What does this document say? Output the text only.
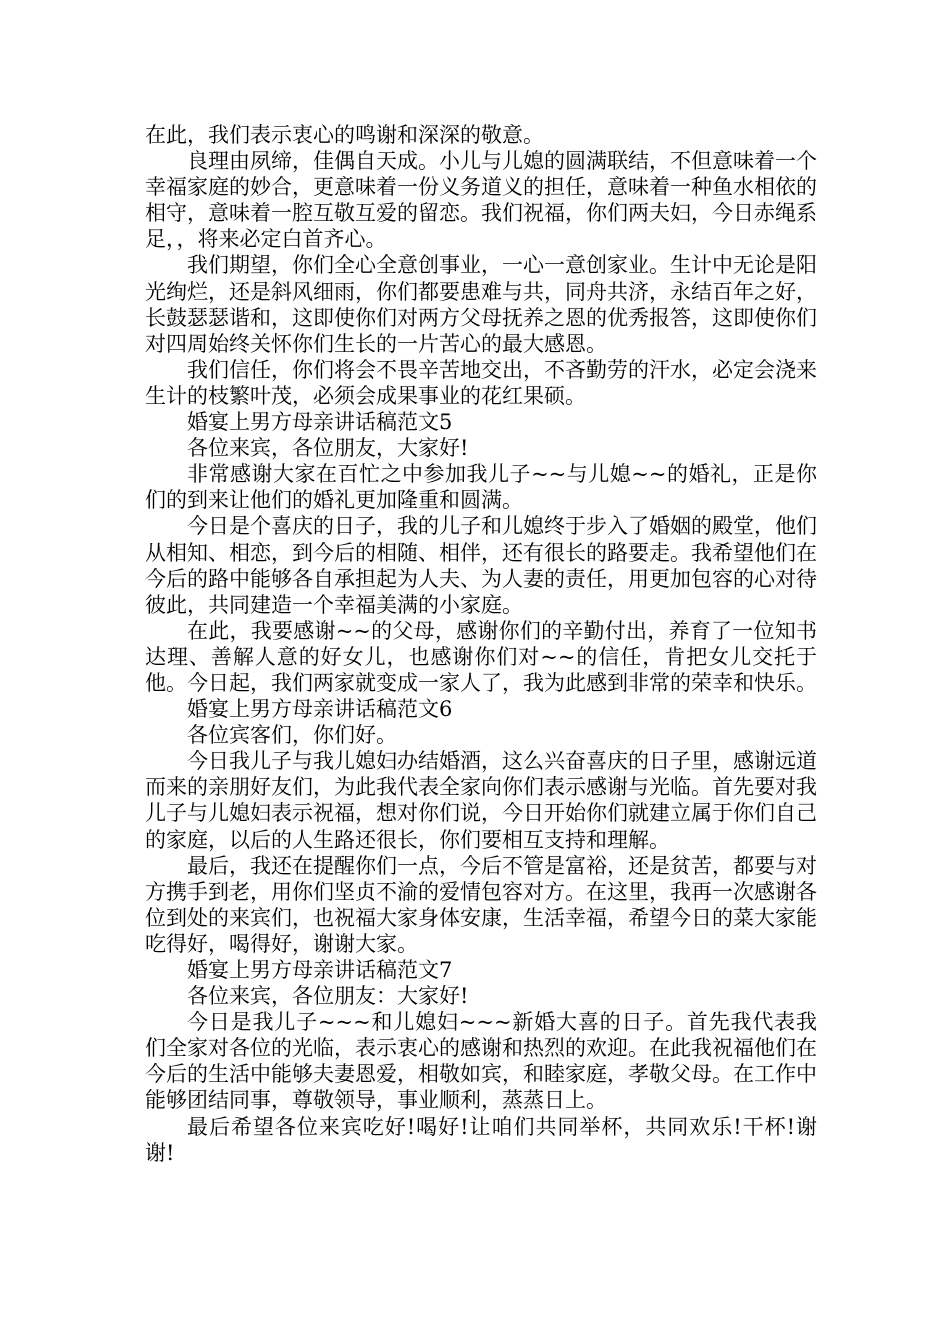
在此，我们表示衷心的鸣谢和深深的敬意。

良理由夙缔，佳偶自天成。小儿与儿媳的圆满联结，不但意味着一个幸福家庭的妙合，更意味着一份义务道义的担任，意味着一种鱼水相依的相守，意味着一腔互敬互爱的留恋。我们祝福，你们两夫妇，今日赤绳系足，，将来必定白首齐心。

我们期望，你们全心全意创事业，一心一意创家业。生计中无论是阳光绚烂，还是斜风细雨，你们都要患难与共，同舟共济，永结百年之好，长鼓瑟瑟谐和，这即使你们对两方父母抚养之恩的优秀报答，这即使你们对四周始终关怀你们生长的一片苦心的最大感恩。

我们信任，你们将会不畏辛苦地交出，不吝勤劳的汗水，必定会浇来生计的枝繁叶茂，必须会成果事业的花红果硕。

婚宴上男方母亲讲话稿范文5

各位来宾，各位朋友，大家好!

非常感谢大家在百忙之中参加我儿子~~与儿媳~~的婚礼，正是你们的到来让他们的婚礼更加隆重和圆满。

今日是个喜庆的日子，我的儿子和儿媳终于步入了婚姻的殿堂，他们从相知、相恋，到今后的相随、相伴，还有很长的路要走。我希望他们在今后的路中能够各自承担起为人夫、为人妻的责任，用更加包容的心对待彼此，共同建造一个幸福美满的小家庭。

在此，我要感谢~~的父母，感谢你们的辛勤付出，养育了一位知书达理、善解人意的好女儿，也感谢你们对~~的信任，肯把女儿交托于他。今日起，我们两家就变成一家人了，我为此感到非常的荣幸和快乐。

婚宴上男方母亲讲话稿范文6

各位宾客们，你们好。

今日我儿子与我儿媳妇办结婚酒，这么兴奋喜庆的日子里，感谢远道而来的亲朋好友们，为此我代表全家向你们表示感谢与光临。首先要对我儿子与儿媳妇表示祝福，想对你们说，今日开始你们就建立属于你们自己的家庭，以后的人生路还很长，你们要相互支持和理解。

最后，我还在提醒你们一点，今后不管是富裕，还是贫苦，都要与对方携手到老，用你们坚贞不渝的爱情包容对方。在这里，我再一次感谢各位到处的来宾们，也祝福大家身体安康，生活幸福，希望今日的菜大家能吃得好，喝得好，谢谢大家。

婚宴上男方母亲讲话稿范文7

各位来宾，各位朋友：大家好!

今日是我儿子~~~和儿媳妇~~~新婚大喜的日子。首先我代表我们全家对各位的光临，表示衷心的感谢和热烈的欢迎。在此我祝福他们在今后的生活中能够夫妻恩爱，相敬如宾，和睦家庭，孝敬父母。在工作中能够团结同事，尊敬领导，事业顺利，蒸蒸日上。

最后希望各位来宾吃好!喝好!让咱们共同举杯，共同欢乐!干杯!谢谢!
